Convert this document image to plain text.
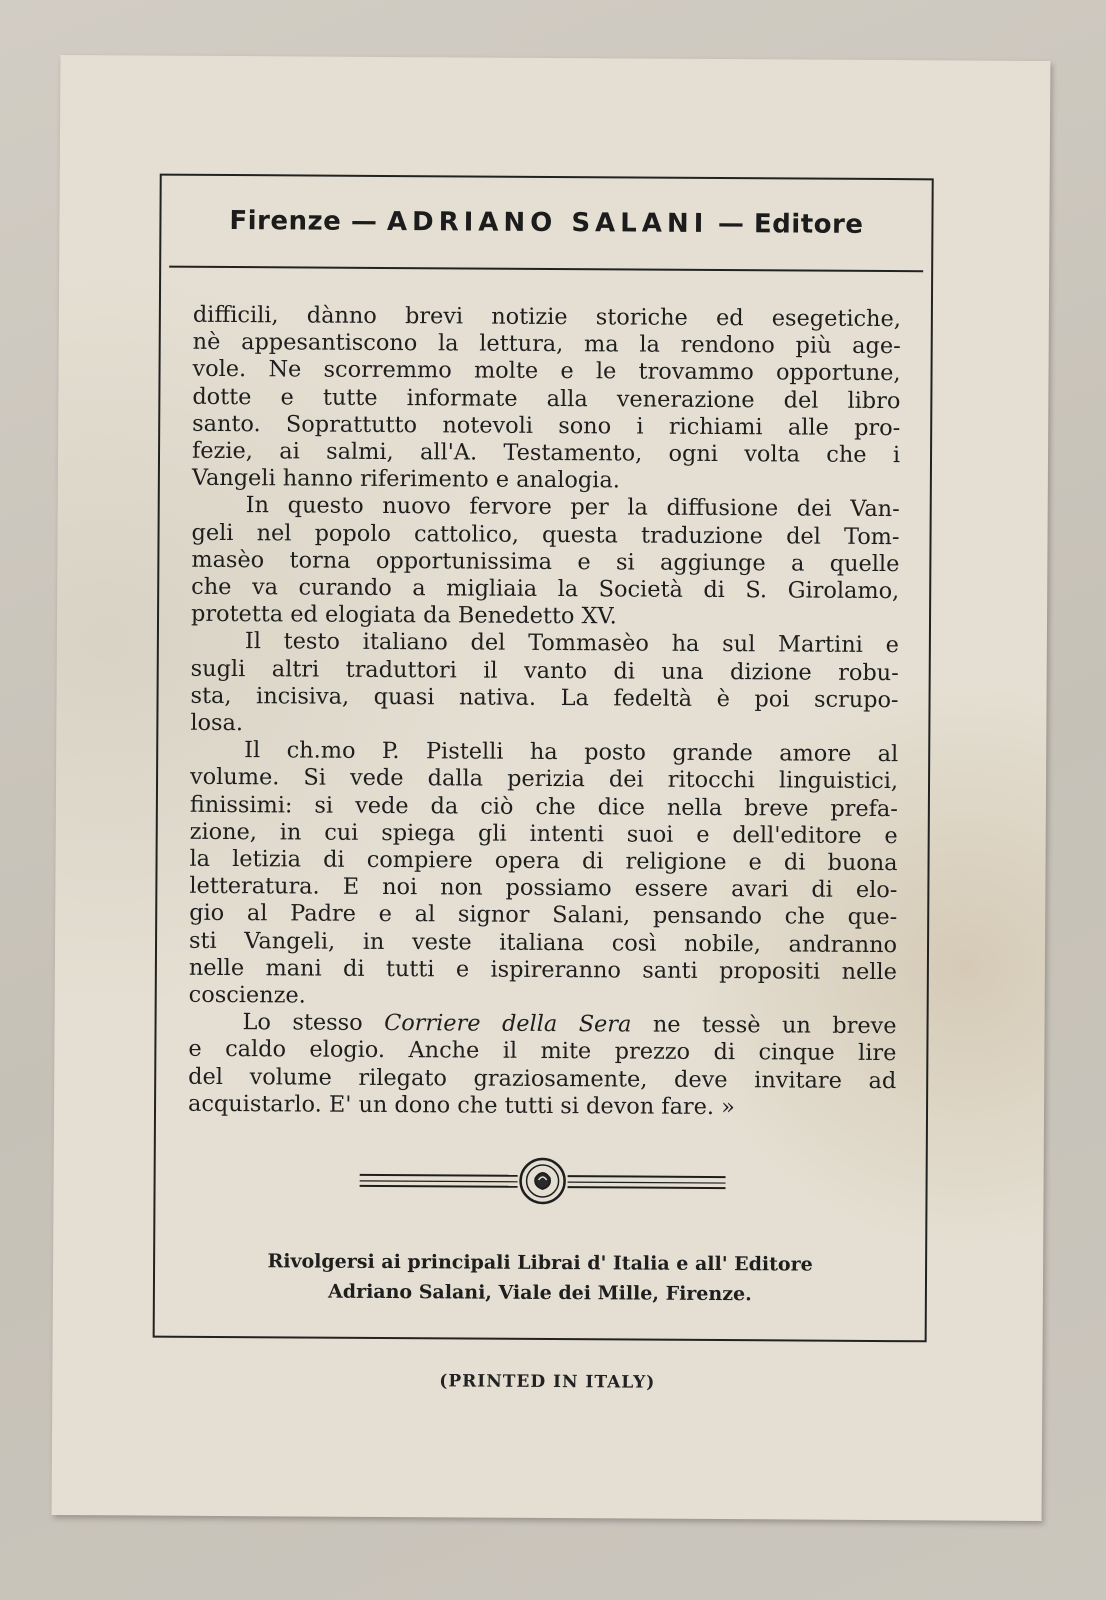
Firenze — ADRIANO SALANI — Editore
difficili, dànno brevi notizie storiche ed esegetiche,
nè appesantiscono la lettura, ma la rendono più age-
vole. Ne scorremmo molte e le trovammo opportune,
dotte e tutte informate alla venerazione del libro
santo. Soprattutto notevoli sono i richiami alle pro-
fezie, ai salmi, all'A. Testamento, ogni volta che i
Vangeli hanno riferimento e analogia.
In questo nuovo fervore per la diffusione dei Van-
geli nel popolo cattolico, questa traduzione del Tom-
masèo torna opportunissima e si aggiunge a quelle
che va curando a migliaia la Società di S. Girolamo,
protetta ed elogiata da Benedetto XV.
Il testo italiano del Tommasèo ha sul Martini e
sugli altri traduttori il vanto di una dizione robu-
sta, incisiva, quasi nativa. La fedeltà è poi scrupo-
losa.
Il ch.mo P. Pistelli ha posto grande amore al
volume. Si vede dalla perizia dei ritocchi linguistici,
finissimi: si vede da ciò che dice nella breve prefa-
zione, in cui spiega gli intenti suoi e dell'editore e
la letizia di compiere opera di religione e di buona
letteratura. E noi non possiamo essere avari di elo-
gio al Padre e al signor Salani, pensando che que-
sti Vangeli, in veste italiana così nobile, andranno
nelle mani di tutti e ispireranno santi propositi nelle
coscienze.
Lo stesso Corriere della Sera ne tessè un breve
e caldo elogio. Anche il mite prezzo di cinque lire
del volume rilegato graziosamente, deve invitare ad
acquistarlo. E' un dono che tutti si devon fare. »
Rivolgersi ai principali Librai d' Italia e all' Editore
Adriano Salani, Viale dei Mille, Firenze.
(PRINTED IN ITALY)
